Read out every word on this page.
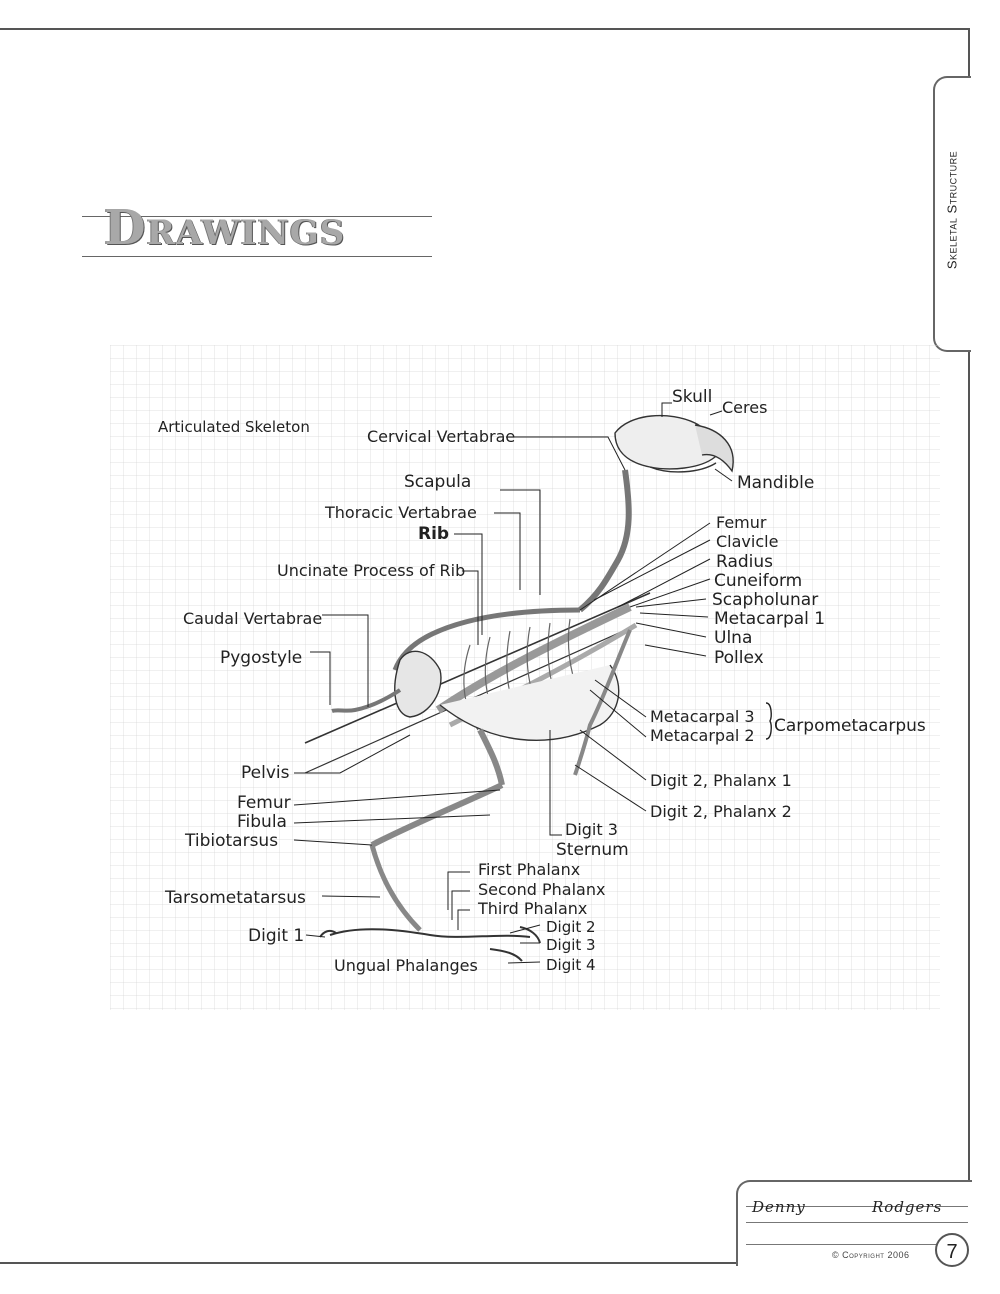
Skeletal Structure
Drawings
Articulated Skeleton
Skull
Ceres
Mandible
Cervical Vertabrae
Scapula
Thoracic Vertabrae
Rib
Uncinate Process of Rib
Caudal Vertabrae
Pygostyle
Femur
Clavicle
Radius
Cuneiform
Scapholunar
Metacarpal 1
Ulna
Pollex
Metacarpal 3
Metacarpal 2 Carpometacarpus
Digit 2, Phalanx 1
Digit 2, Phalanx 2
Digit 3
Sternum
Pelvis
Femur
Fibula
Tibiotarsus
First Phalanx
Second Phalanx
Third Phalanx
Tarsometatarsus
Digit 1	Digit 2
Digit 3
Digit 4
Ungual Phalanges
Denny	Rodgers
© Copyright 2006	7
